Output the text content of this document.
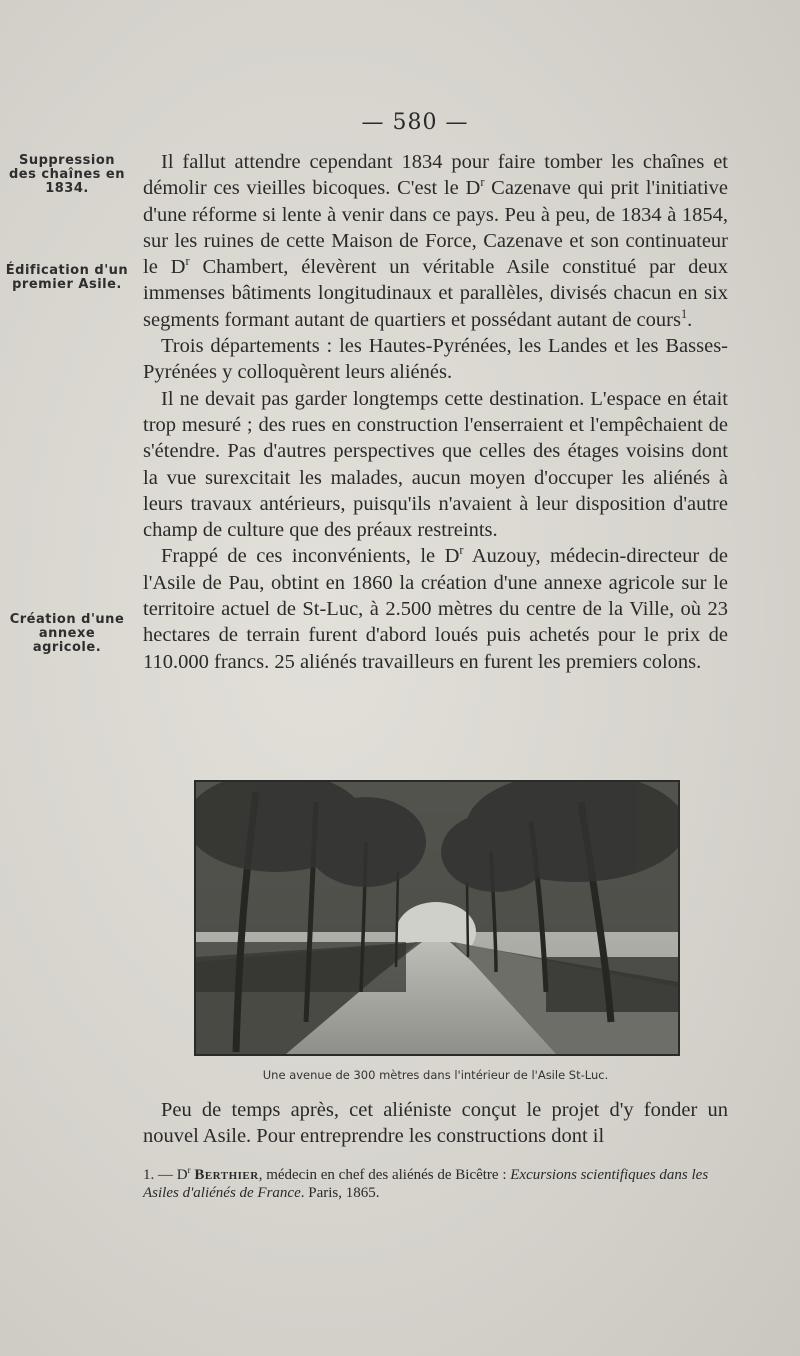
— 580 —
Suppression des chaînes en 1834.
Édification d'un premier Asile.
Création d'une annexe agricole.

Il fallut attendre cependant 1834 pour faire tomber les chaînes et démolir ces vieilles bicoques. C'est le $D^r$ Cazenave qui prit l'initiative d'une réforme si lente à venir dans ce pays. Peu à peu, de 1834 à 1854, sur les ruines de cette Maison de Force, Cazenave et son continuateur le $D^r$ Chambert, élevèrent un véritable Asile constitué par deux immenses bâtiments longitudinaux et parallèles, divisés chacun en six segments formant autant de quartiers et possédant autant de cours$^1$.

Trois départements : les Hautes-Pyrénées, les Landes et les Basses-Pyrénées y colloquèrent leurs aliénés.

Il ne devait pas garder longtemps cette destination. L'espace en était trop mesuré ; des rues en construction l'enserraient et l'empêchaient de s'étendre. Pas d'autres perspectives que celles des étages voisins dont la vue surexcitait les malades, aucun moyen d'occuper les aliénés à leurs travaux antérieurs, puisqu'ils n'avaient à leur disposition d'autre champ de culture que des préaux restreints.

Frappé de ces inconvénients, le $D^r$ Auzouy, médecin-directeur de l'Asile de Pau, obtint en 1860 la création d'une annexe agricole sur le territoire actuel de St-Luc, à 2.500 mètres du centre de la Ville, où 23 hectares de terrain furent d'abord loués puis achetés pour le prix de 110.000 francs. 25 aliénés travailleurs en furent les premiers colons.

Une avenue de 300 mètres dans l'intérieur de l'Asile St-Luc.

Peu de temps après, cet aliéniste conçut le projet d'y fonder un nouvel Asile. Pour entreprendre les constructions dont il

1. — $D^r$ Berthier, médecin en chef des aliénés de Bicêtre : Excursions scientifiques dans les Asiles d'aliénés de France. Paris, 1865.
